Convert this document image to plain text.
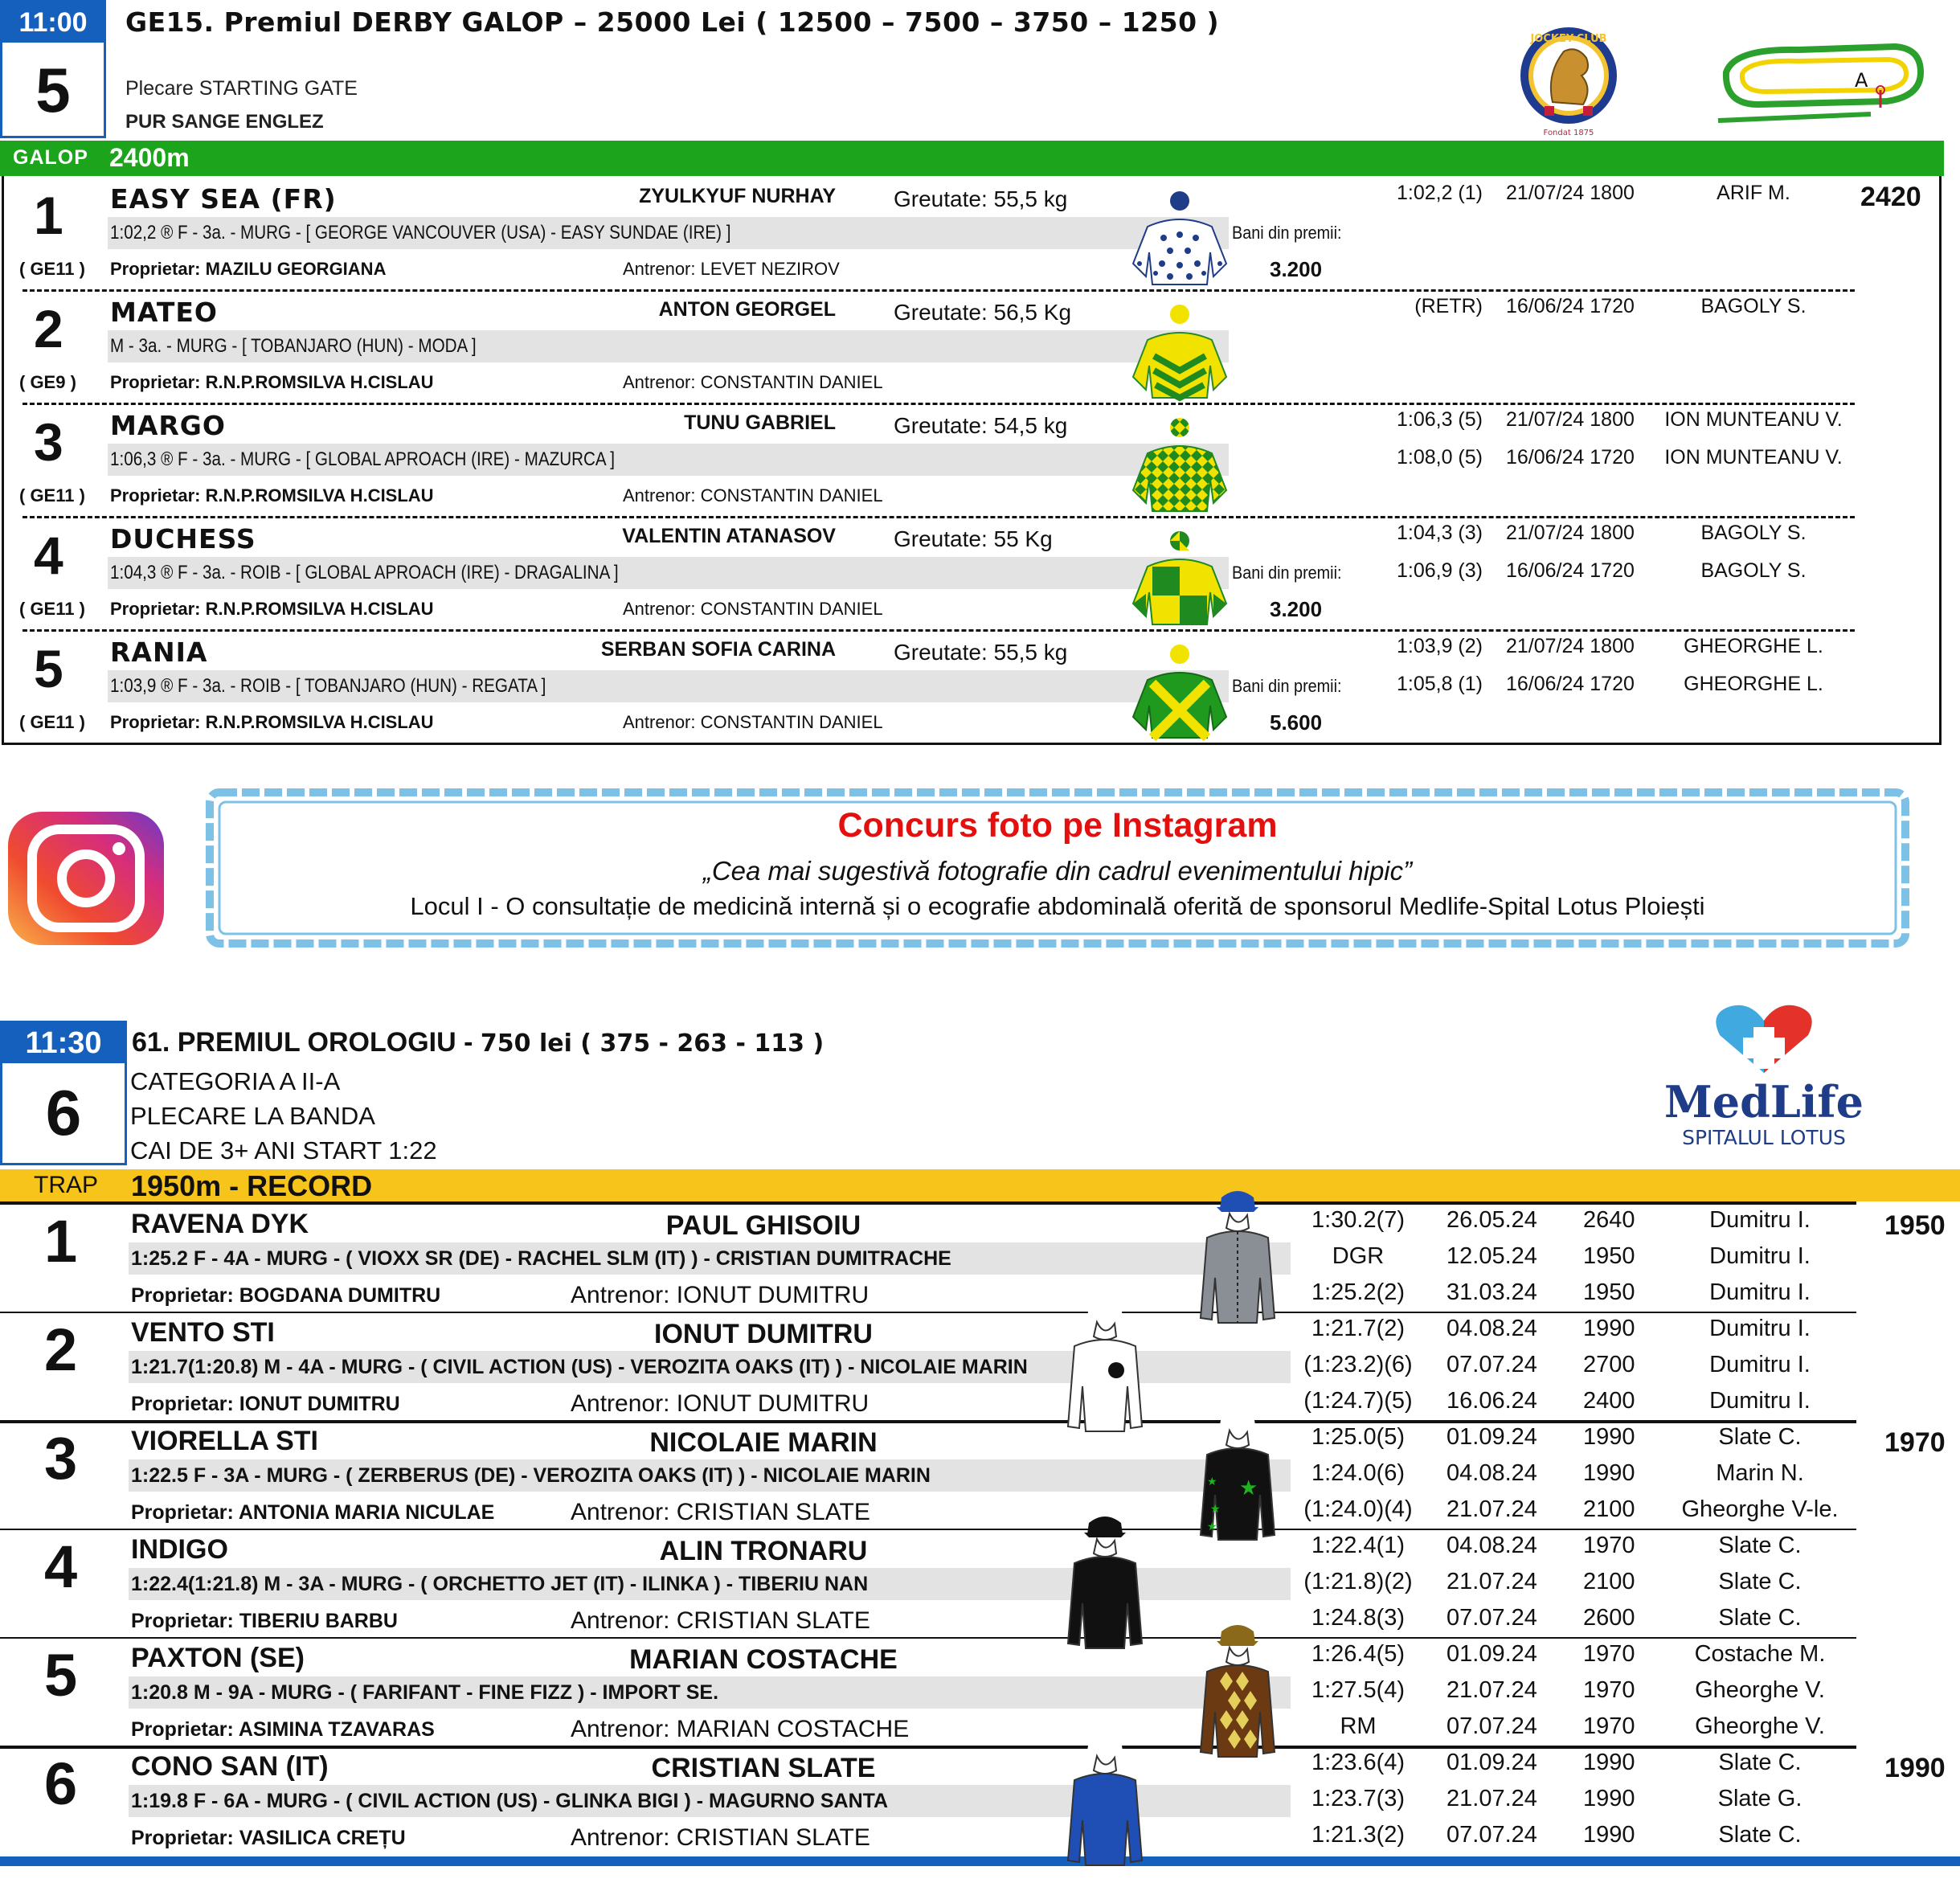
11:00
5
GE15. Premiul DERBY GALOP – 25000 Lei ( 12500 – 7500 – 3750 – 1250 )
Plecare STARTING GATE
PUR SANGE ENGLEZ
JOCKEY-CLUB
Fondat 1875
A
GALOP 2400m
1
( GE11 )
EASY SEA (FR)	ZYULKYUF NURHAY	Greutate: 55,5 kg
1:02,2 ® F - 3a. - MURG - [ GEORGE VANCOUVER (USA) - EASY SUNDAE (IRE) ]
Proprietar: MAZILU GEORGIANA	Antrenor: LEVET NEZIROV
Bani din premii:
3.200
2420
1:02,2 (1) 21/07/24 1800	ARIF M.
2
( GE9 )
MATEO	ANTON GEORGEL	Greutate: 56,5 Kg
M - 3a. - MURG - [ TOBANJARO (HUN) - MODA ]
Proprietar: R.N.P.ROMSILVA H.CISLAU	Antrenor: CONSTANTIN DANIEL
(RETR) 16/06/24 1720	BAGOLY S.
3
( GE11 )
MARGO	TUNU GABRIEL	Greutate: 54,5 kg
1:06,3 ® F - 3a. - MURG - [ GLOBAL APROACH (IRE) - MAZURCA ]
Proprietar: R.N.P.ROMSILVA H.CISLAU	Antrenor: CONSTANTIN DANIEL
1:06,3 (5) 21/07/24 1800	ION MUNTEANU V.
1:08,0 (5) 16/06/24 1720	ION MUNTEANU V.
4
( GE11 )
DUCHESS	VALENTIN ATANASOV	Greutate: 55 Kg
1:04,3 ® F - 3a. - ROIB - [ GLOBAL APROACH (IRE) - DRAGALINA ]
Proprietar: R.N.P.ROMSILVA H.CISLAU	Antrenor: CONSTANTIN DANIEL
Bani din premii:
3.200
1:04,3 (3) 21/07/24 1800	BAGOLY S.
1:06,9 (3) 16/06/24 1720	BAGOLY S.
5
( GE11 )
RANIA	SERBAN SOFIA CARINA	Greutate: 55,5 kg
1:03,9 ® F - 3a. - ROIB - [ TOBANJARO (HUN) - REGATA ]
Proprietar: R.N.P.ROMSILVA H.CISLAU	Antrenor: CONSTANTIN DANIEL
Bani din premii:
5.600
1:03,9 (2) 21/07/24 1800	GHEORGHE L.
1:05,8 (1) 16/06/24 1720	GHEORGHE L.
Concurs foto pe Instagram
„Cea mai sugestivă fotografie din cadrul evenimentului hipic”
Locul I - O consultație de medicină internă și o ecografie abdominală oferită de sponsorul Medlife-Spital Lotus Ploiești
11:30
6
61. PREMIUL OROLOGIU - 750 lei ( 375 - 263 - 113 )
CATEGORIA A II-A
PLECARE LA BANDA
CAI DE 3+ ANI START 1:22
MedLife
SPITALUL LOTUS
TRAP 1950m - RECORD
1 RAVENA DYK	PAUL GHISOIU
1:25.2 F - 4A - MURG - ( VIOXX SR (DE) - RACHEL SLM (IT) ) - CRISTIAN DUMITRACHE
Proprietar: BOGDANA DUMITRU	Antrenor: IONUT DUMITRU
1950
1:30.2(7)	26.05.24 2640	Dumitru I.
DGR	12.05.24 1950	Dumitru I.
1:25.2(2)	31.03.24 1950	Dumitru I.
2 VENTO STI	IONUT DUMITRU
1:21.7(1:20.8) M - 4A - MURG - ( CIVIL ACTION (US) - VEROZITA OAKS (IT) ) - NICOLAIE MARIN
Proprietar: IONUT DUMITRU	Antrenor: IONUT DUMITRU
1:21.7(2)	04.08.24 1990	Dumitru I.
(1:23.2)(6)	07.07.24 2700	Dumitru I.
(1:24.7)(5)	16.06.24 2400	Dumitru I.
3 VIORELLA STI	NICOLAIE MARIN
1:22.5 F - 3A - MURG - ( ZERBERUS (DE) - VEROZITA OAKS (IT) ) - NICOLAIE MARIN
Proprietar: ANTONIA MARIA NICULAE	Antrenor: CRISTIAN SLATE
1970
1:25.0(5)	01.09.24 1990	Slate C.
1:24.0(6)	04.08.24 1990	Marin N.
(1:24.0)(4)	21.07.24 2100	Gheorghe V-le.
4 INDIGO	ALIN TRONARU
1:22.4(1:21.8) M - 3A - MURG - ( ORCHETTO JET (IT) - ILINKA ) - TIBERIU NAN
Proprietar: TIBERIU BARBU	Antrenor: CRISTIAN SLATE
1:22.4(1)	04.08.24 1970	Slate C.
(1:21.8)(2)	21.07.24 2100	Slate C.
1:24.8(3)	07.07.24 2600	Slate C.
5 PAXTON (SE)	MARIAN COSTACHE
1:20.8 M - 9A - MURG - ( FARIFANT - FINE FIZZ ) - IMPORT SE.
Proprietar: ASIMINA TZAVARAS	Antrenor: MARIAN COSTACHE
1:26.4(5)	01.09.24 1970	Costache M.
1:27.5(4)	21.07.24 1970	Gheorghe V.
RM	07.07.24 1970	Gheorghe V.
6 CONO SAN (IT)	CRISTIAN SLATE
1:19.8 F - 6A - MURG - ( CIVIL ACTION (US) - GLINKA BIGI ) - MAGURNO SANTA
Proprietar: VASILICA CREȚU	Antrenor: CRISTIAN SLATE
1990
1:23.6(4)	01.09.24 1990	Slate C.
1:23.7(3)	21.07.24 1990	Slate G.
1:21.3(2)	07.07.24 1990	Slate C.
★
★
★
★
